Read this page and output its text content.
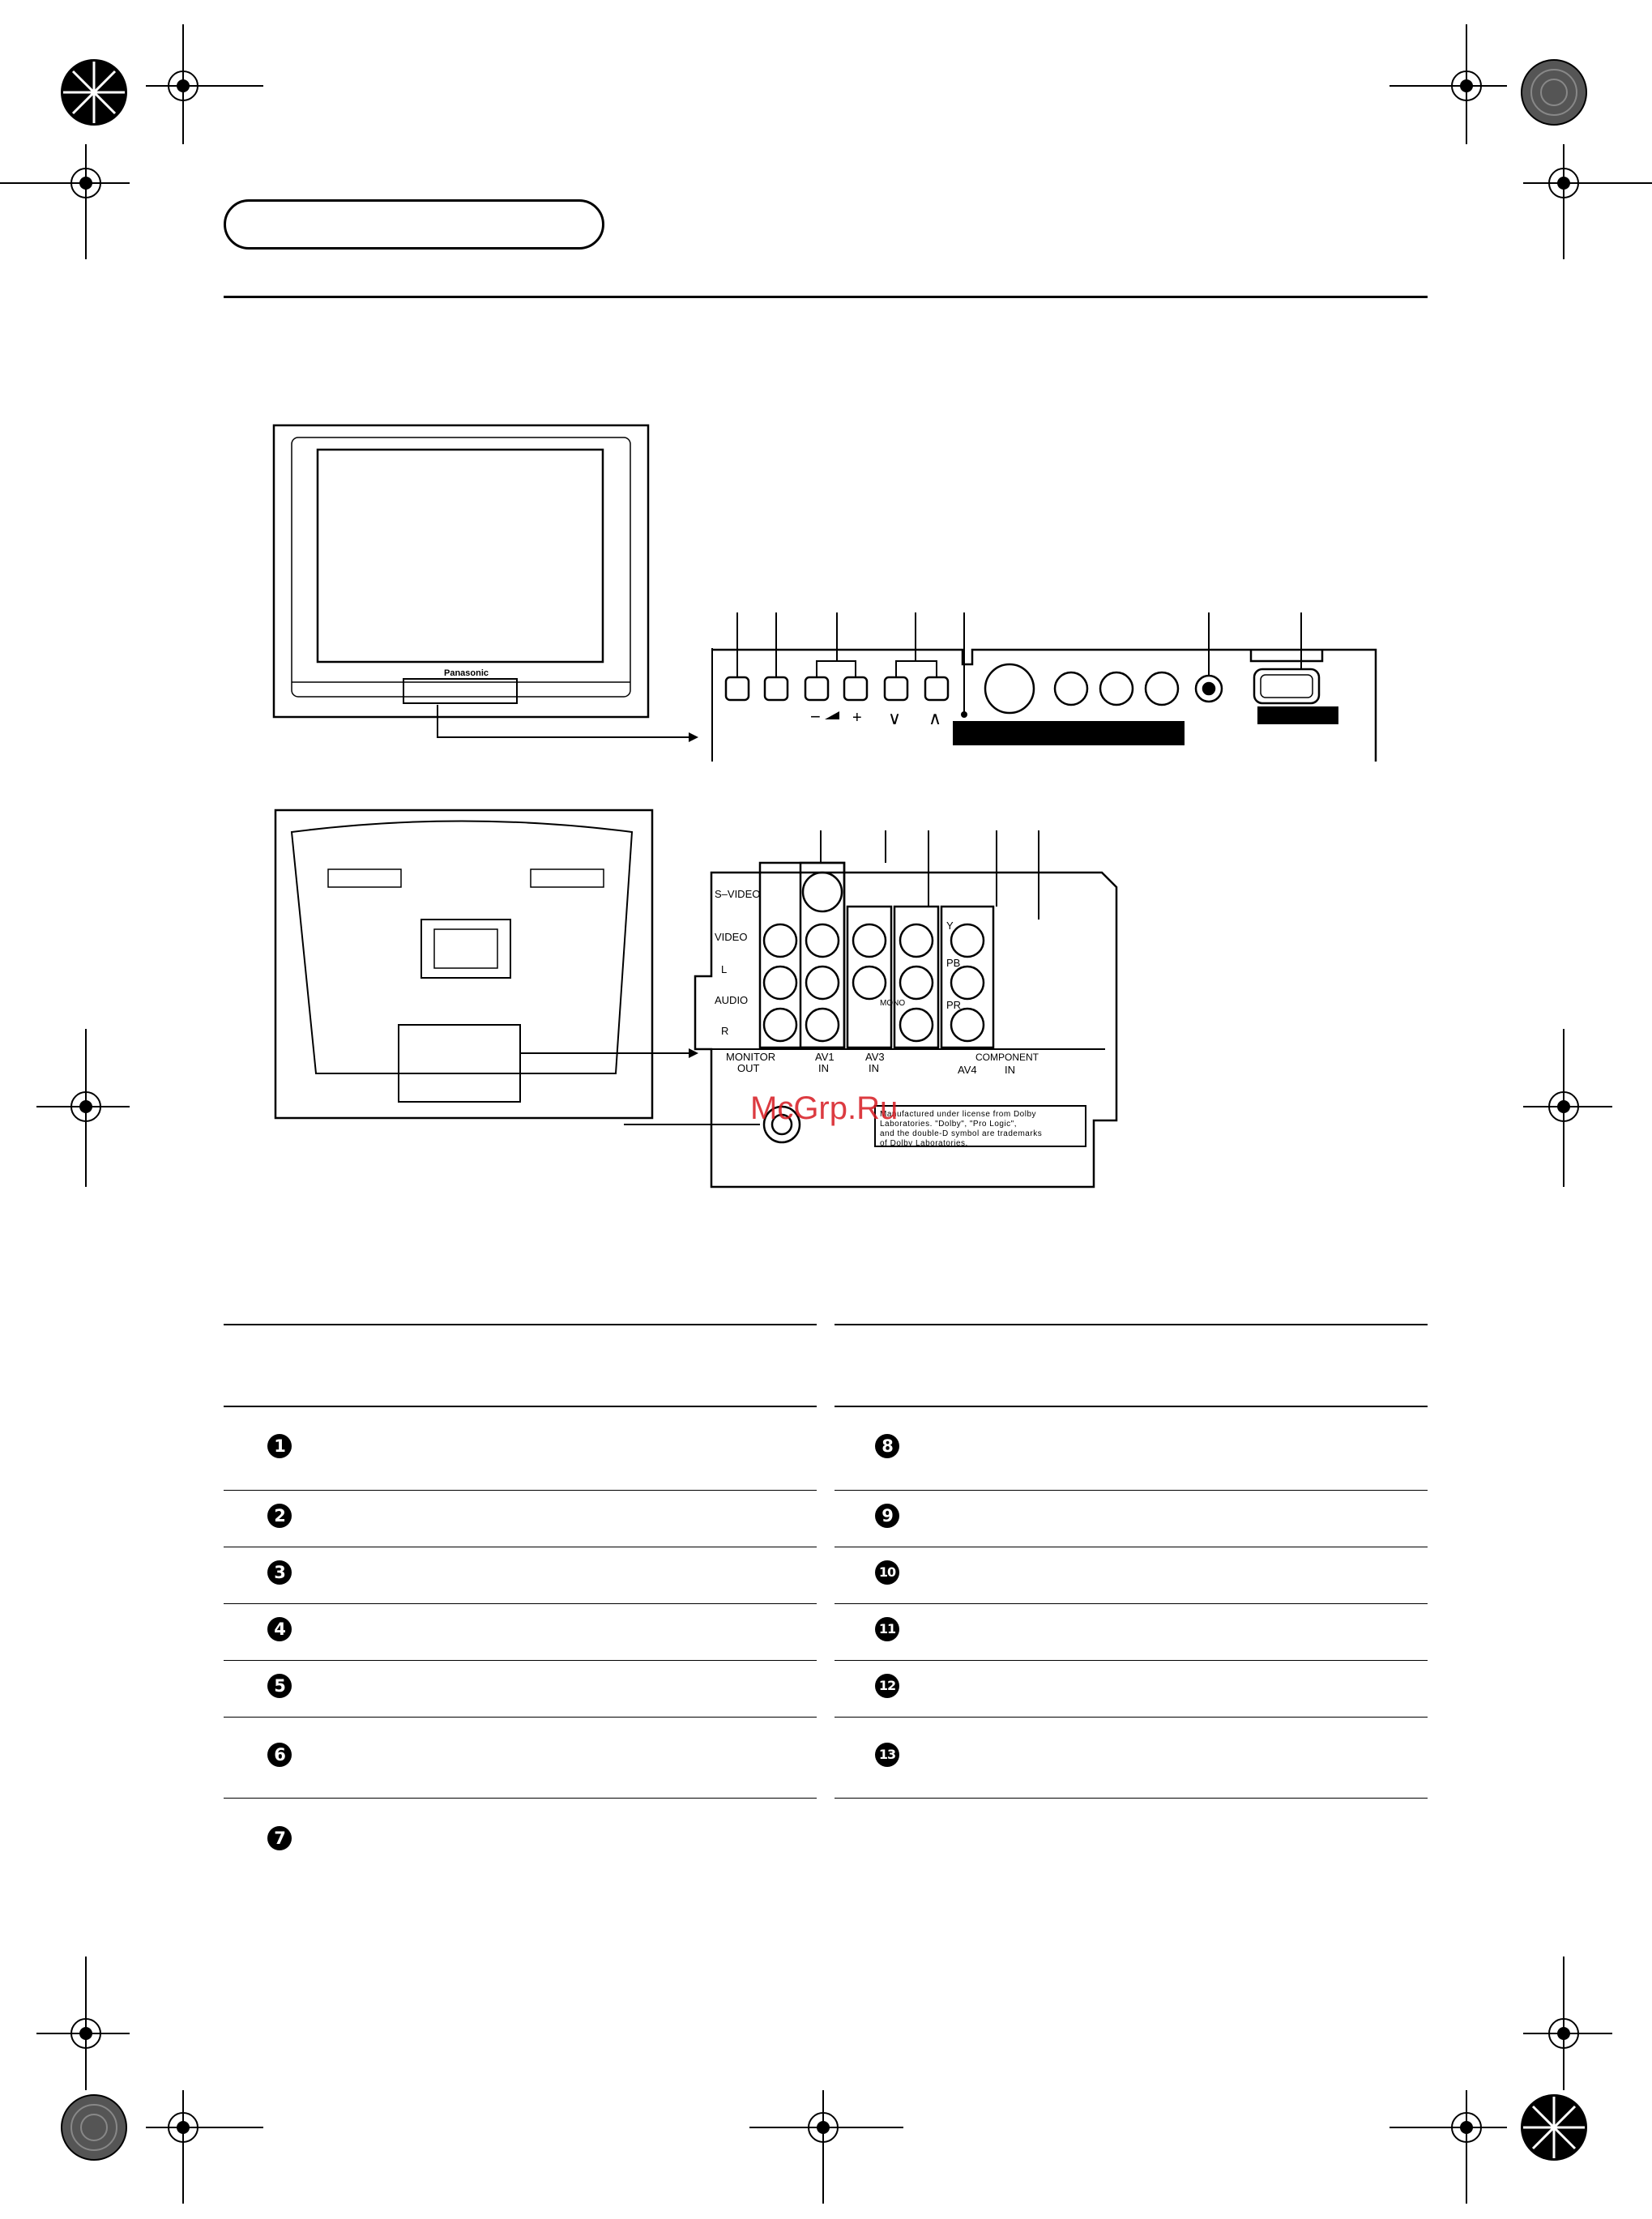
Panasonic
− + ∨ ∧
S–VIDEO
VIDEO
L
AUDIO
R
Y
PB
PR
MONO
COMPONENT
MONITOR
OUT
AV1
IN
AV3
IN	AV4	IN
Manufactured under license from Dolby
Laboratories. "Dolby", "Pro Logic",
and the double-D symbol are trademarks
of Dolby Laboratories.
McGrp.Ru
1
2
3
4
5
6
7
8
9
10
11
12
13
